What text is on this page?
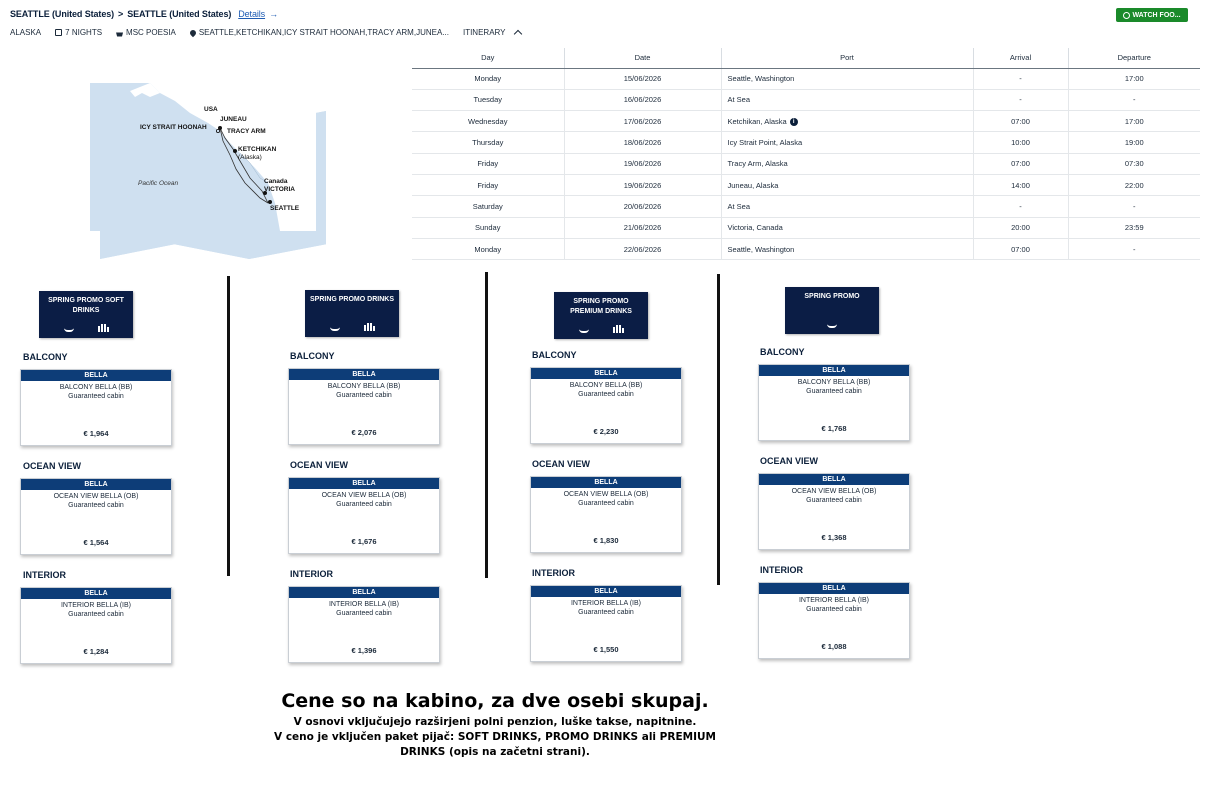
SEATTLE (United States) > SEATTLE (United States) Details →	WATCH FOO...
ALASKA	7 NIGHTS	MSC POESIA	SEATTLE,KETCHIKAN,ICY STRAIT HOONAH,TRACY ARM,JUNEA... ITINERARY
USA
JUNEAU
ICY STRAIT HOONAH
TRACY ARM
KETCHIKAN
(Alaska)
Canada
VICTORIA
SEATTLE
Pacific Ocean
Day	Date	Port	Arrival	Departure
Monday	15/06/2026	Seattle, Washington	-	17:00
Tuesday	16/06/2026	At Sea	-	-
Wednesday	17/06/2026	Ketchikan, Alaska i	07:00	17:00
Thursday	18/06/2026	Icy Strait Point, Alaska	10:00	19:00
Friday	19/06/2026	Tracy Arm, Alaska	07:00	07:30
Friday	19/06/2026	Juneau, Alaska	14:00	22:00
Saturday	20/06/2026	At Sea	-	-
Sunday	21/06/2026	Victoria, Canada	20:00	23:59
Monday	22/06/2026	Seattle, Washington	07:00	-
SPRING PROMO SOFT
DRINKS
BALCONY
BELLA
BALCONY BELLA (BB)
Guaranteed cabin
€ 1,964
OCEAN VIEW
BELLA
OCEAN VIEW BELLA (OB)
Guaranteed cabin
€ 1,564
INTERIOR
BELLA
INTERIOR BELLA (IB)
Guaranteed cabin
€ 1,284
SPRING PROMO DRINKS
BALCONY
BELLA
BALCONY BELLA (BB)
Guaranteed cabin
€ 2,076
OCEAN VIEW
BELLA
OCEAN VIEW BELLA (OB)
Guaranteed cabin
€ 1,676
INTERIOR
BELLA
INTERIOR BELLA (IB)
Guaranteed cabin
€ 1,396
SPRING PROMO
PREMIUM DRINKS
BALCONY
BELLA
BALCONY BELLA (BB)
Guaranteed cabin
€ 2,230
OCEAN VIEW
BELLA
OCEAN VIEW BELLA (OB)
Guaranteed cabin
€ 1,830
INTERIOR
BELLA
INTERIOR BELLA (IB)
Guaranteed cabin
€ 1,550
SPRING PROMO
BALCONY
BELLA
BALCONY BELLA (BB)
Guaranteed cabin
€ 1,768
OCEAN VIEW
BELLA
OCEAN VIEW BELLA (OB)
Guaranteed cabin
€ 1,368
INTERIOR
BELLA
INTERIOR BELLA (IB)
Guaranteed cabin
€ 1,088
Cene so na kabino, za dve osebi skupaj.
V osnovi vključujejo razširjeni polni penzion, luške takse, napitnine.
V ceno je vključen paket pijač: SOFT DRINKS, PROMO DRINKS ali PREMIUM
DRINKS (opis na začetni strani).
